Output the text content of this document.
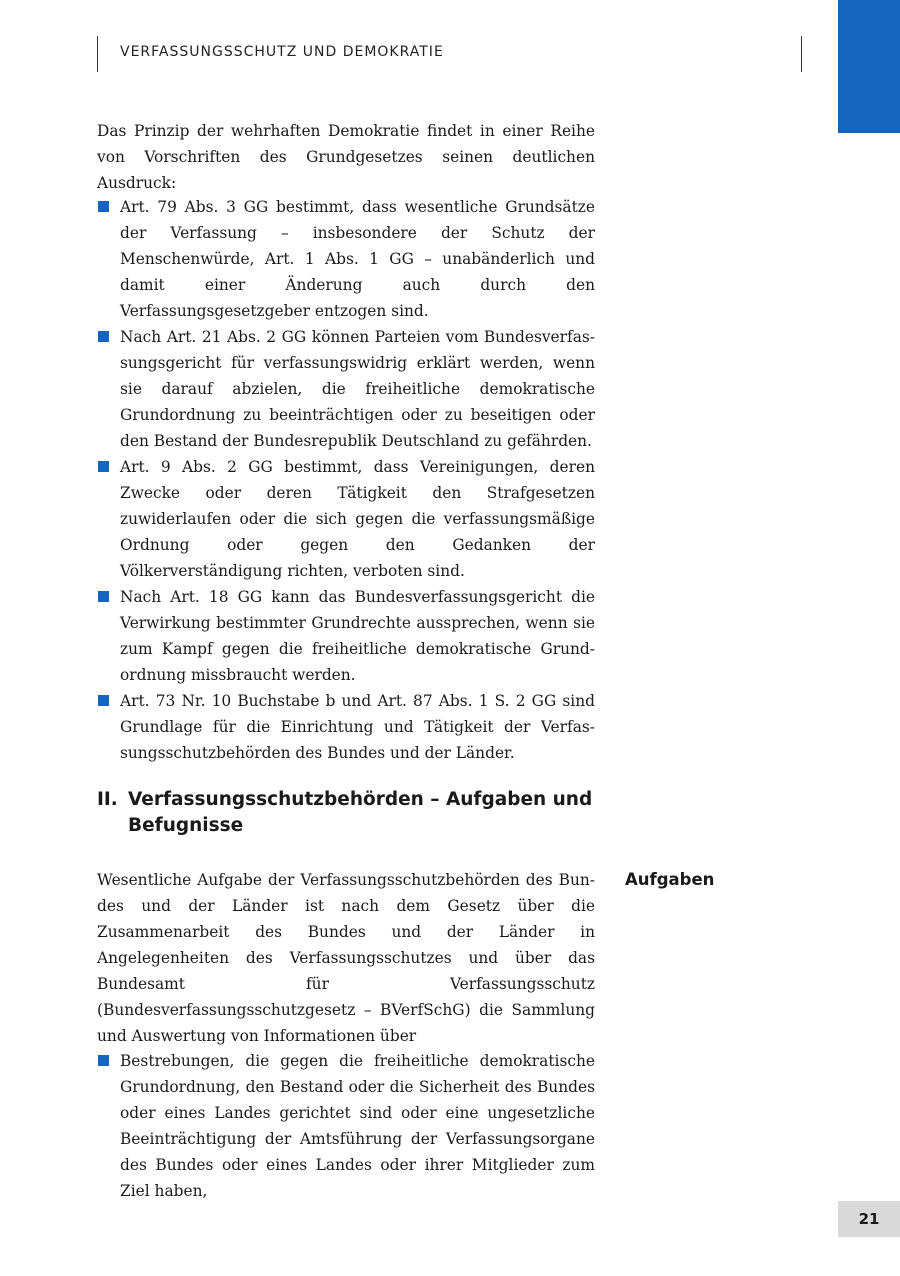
VERFASSUNGSSCHUTZ UND DEMOKRATIE

Das Prinzip der wehrhaften Demokratie findet in einer Reihe von Vorschriften des Grundgesetzes seinen deutlichen Ausdruck:

Art. 79 Abs. 3 GG bestimmt, dass wesentliche Grundsätze der Verfassung – insbesondere der Schutz der Menschenwürde, Art. 1 Abs. 1 GG – unabänderlich und damit einer Änderung auch durch den Verfassungsgesetzgeber entzogen sind.
Nach Art. 21 Abs. 2 GG können Parteien vom Bundesverfassungsgericht für verfassungswidrig erklärt werden, wenn sie darauf abzielen, die freiheitliche demokratische Grundordnung zu beeinträchtigen oder zu beseitigen oder den Bestand der Bundesrepublik Deutschland zu gefährden.
Art. 9 Abs. 2 GG bestimmt, dass Vereinigungen, deren Zwecke oder deren Tätigkeit den Strafgesetzen zuwiderlaufen oder die sich gegen die verfassungsmäßige Ordnung oder gegen den Gedanken der Völkerverständigung richten, verboten sind.
Nach Art. 18 GG kann das Bundesverfassungsgericht die Verwirkung bestimmter Grundrechte aussprechen, wenn sie zum Kampf gegen die freiheitliche demokratische Grundordnung missbraucht werden.
Art. 73 Nr. 10 Buchstabe b und Art. 87 Abs. 1 S. 2 GG sind Grundlage für die Einrichtung und Tätigkeit der Verfassungsschutzbehörden des Bundes und der Länder.
II. Verfassungsschutzbehörden – Aufgaben und Befugnisse
Aufgaben

Wesentliche Aufgabe der Verfassungsschutzbehörden des Bundes und der Länder ist nach dem Gesetz über die Zusammenarbeit des Bundes und der Länder in Angelegenheiten des Verfassungsschutzes und über das Bundesamt für Verfassungsschutz (Bundesverfassungsschutzgesetz – BVerfSchG) die Sammlung und Auswertung von Informationen über

Bestrebungen, die gegen die freiheitliche demokratische Grundordnung, den Bestand oder die Sicherheit des Bundes oder eines Landes gerichtet sind oder eine ungesetzliche Beeinträchtigung der Amtsführung der Verfassungsorgane des Bundes oder eines Landes oder ihrer Mitglieder zum Ziel haben,
21
